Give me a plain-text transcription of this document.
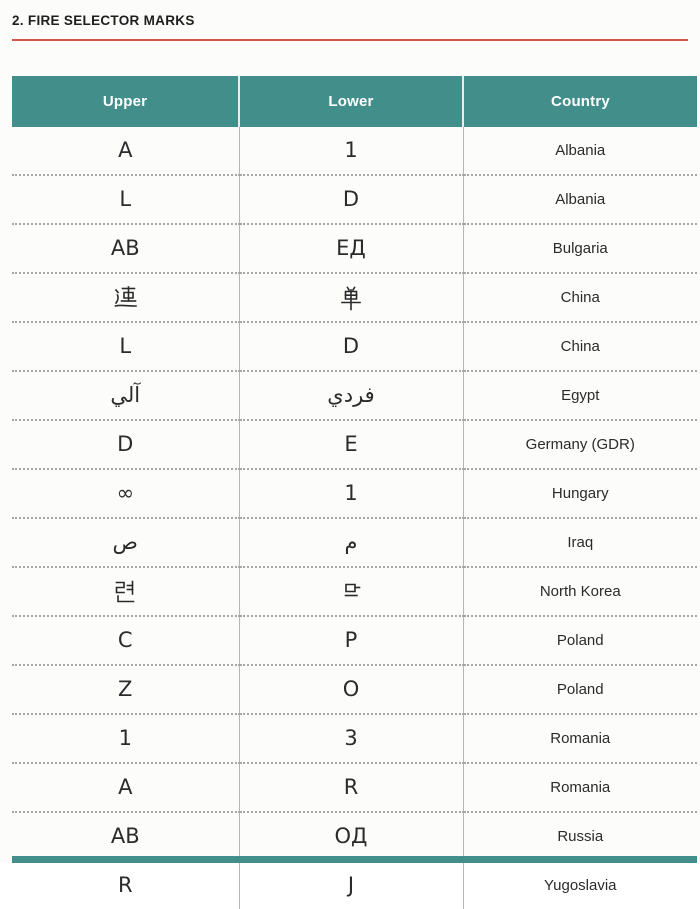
2. FIRE SELECTOR MARKS
Upper	Lower	Country
A	1	Albania
L	D	Albania
AB	ЕД	Bulgaria
		China
L	D	China
آلي	فردي	Egypt
D	E	Germany (GDR)
∞	1	Hungary
ص	م	Iraq
		North Korea
C	P	Poland
Z	O	Poland
1	3	Romania
A	R	Romania
АВ	ОД	Russia
R	J	Yugoslavia
